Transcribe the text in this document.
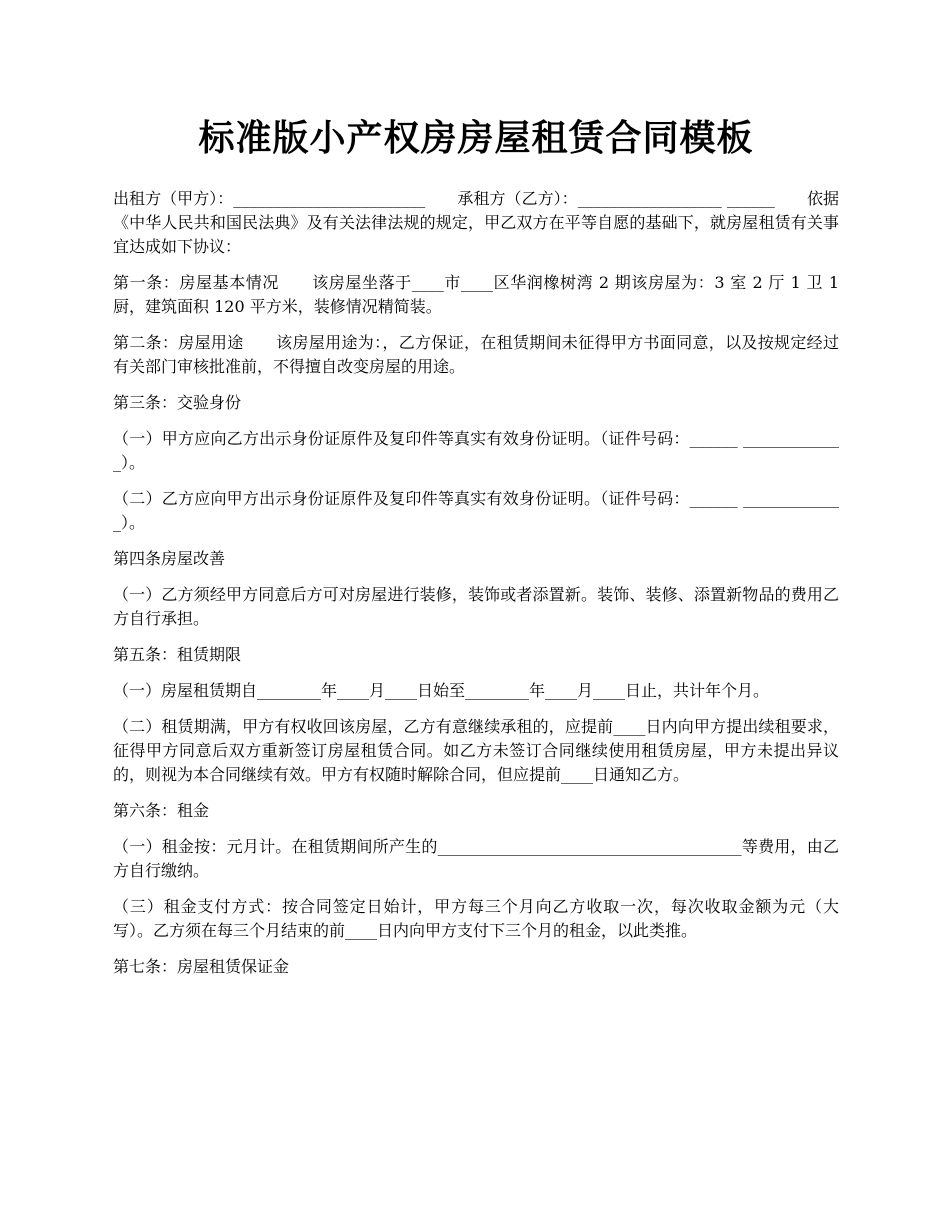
标准版小产权房房屋租赁合同模板

出租方（甲方）：________________________　　承租方（乙方）：__________________ ______　　依据《中华人民共和国民法典》及有关法律法规的规定，甲乙双方在平等自愿的基础下，就房屋租赁有关事宜达成如下协议：

第一条：房屋基本情况　　该房屋坐落于____市____区华润橡树湾 2 期该房屋为：3 室 2 厅 1 卫 1 厨，建筑面积 120 平方米，装修情况精简装。

第二条：房屋用途　　该房屋用途为：，乙方保证，在租赁期间未征得甲方书面同意，以及按规定经过有关部门审核批准前，不得擅自改变房屋的用途。

第三条：交验身份

（一）甲方应向乙方出示身份证原件及复印件等真实有效身份证明。（证件号码：______ _____________）。

（二）乙方应向甲方出示身份证原件及复印件等真实有效身份证明。（证件号码：______ _____________）。

第四条房屋改善

（一）乙方须经甲方同意后方可对房屋进行装修，装饰或者添置新。装饰、装修、添置新物品的费用乙方自行承担。

第五条：租赁期限

（一）房屋租赁期自________年____月____日始至________年____月____日止，共计年个月。

（二）租赁期满，甲方有权收回该房屋，乙方有意继续承租的，应提前____日内向甲方提出续租要求，征得甲方同意后双方重新签订房屋租赁合同。如乙方未签订合同继续使用租赁房屋，甲方未提出异议的，则视为本合同继续有效。甲方有权随时解除合同，但应提前____日通知乙方。

第六条：租金

（一）租金按：元月计。在租赁期间所产生的______________________________________等费用，由乙方自行缴纳。

（三）租金支付方式：按合同签定日始计，甲方每三个月向乙方收取一次，每次收取金额为元（大写）。乙方须在每三个月结束的前____日内向甲方支付下三个月的租金，以此类推。

第七条：房屋租赁保证金
